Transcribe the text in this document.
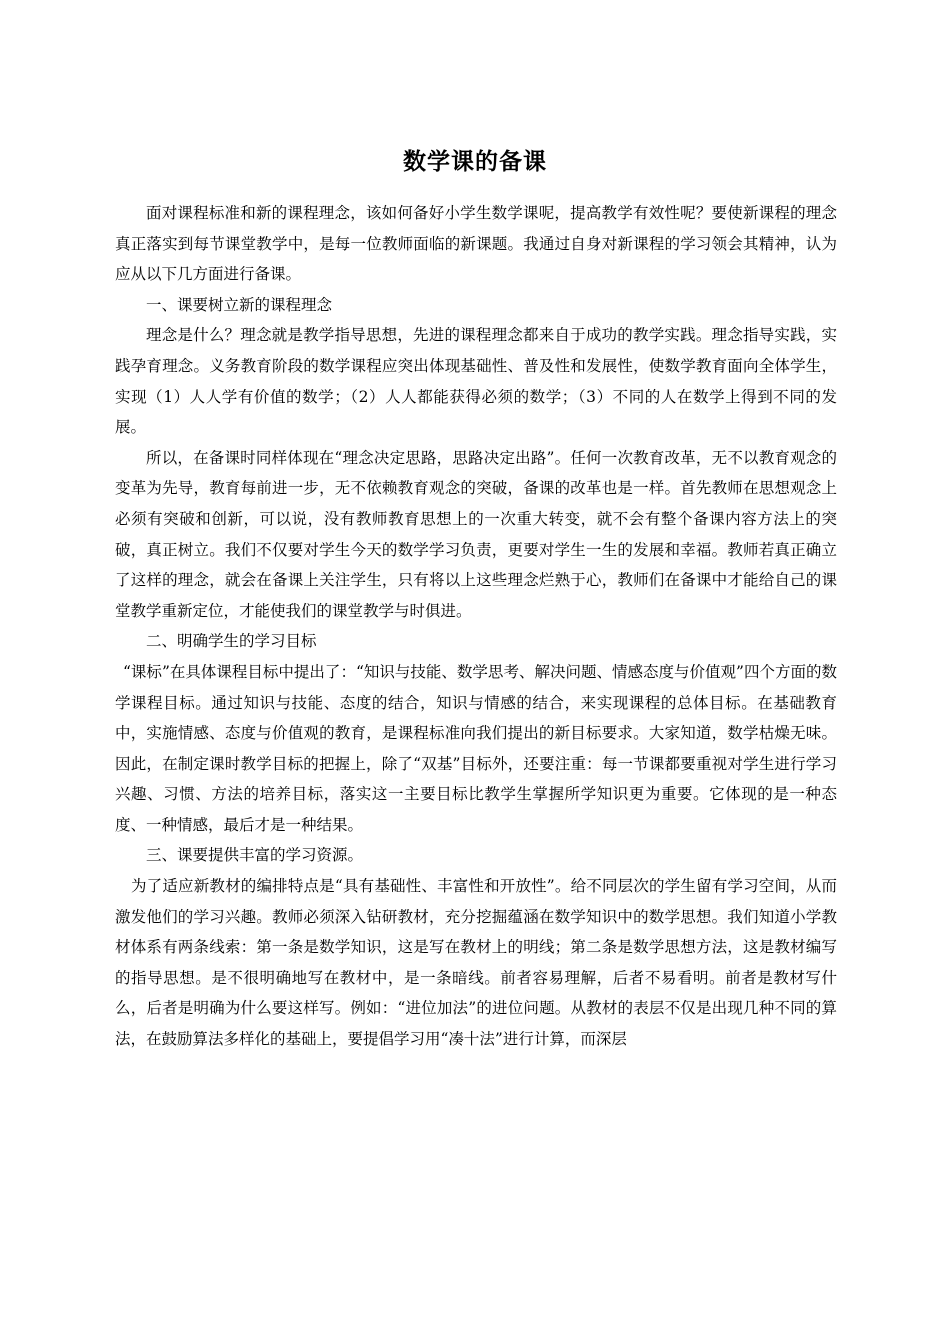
数学课的备课

面对课程标准和新的课程理念，该如何备好小学生数学课呢，提高教学有效性呢？要使新课程的理念真正落实到每节课堂教学中，是每一位教师面临的新课题。我通过自身对新课程的学习领会其精神，认为应从以下几方面进行备课。

一、课要树立新的课程理念

理念是什么？理念就是教学指导思想，先进的课程理念都来自于成功的教学实践。理念指导实践，实践孕育理念。义务教育阶段的数学课程应突出体现基础性、普及性和发展性，使数学教育面向全体学生，实现（1）人人学有价值的数学；（2）人人都能获得必须的数学；（3）不同的人在数学上得到不同的发展。

所以，在备课时同样体现在“理念决定思路，思路决定出路”。任何一次教育改革，无不以教育观念的变革为先导，教育每前进一步，无不依赖教育观念的突破，备课的改革也是一样。首先教师在思想观念上必须有突破和创新，可以说，没有教师教育思想上的一次重大转变，就不会有整个备课内容方法上的突破，真正树立。我们不仅要对学生今天的数学学习负责，更要对学生一生的发展和幸福。教师若真正确立了这样的理念，就会在备课上关注学生，只有将以上这些理念烂熟于心，教师们在备课中才能给自己的课堂教学重新定位，才能使我们的课堂教学与时俱进。

二、明确学生的学习目标

“课标”在具体课程目标中提出了：“知识与技能、数学思考、解决问题、情感态度与价值观”四个方面的数学课程目标。通过知识与技能、态度的结合，知识与情感的结合，来实现课程的总体目标。在基础教育中，实施情感、态度与价值观的教育，是课程标准向我们提出的新目标要求。大家知道，数学枯燥无味。因此，在制定课时教学目标的把握上，除了“双基”目标外，还要注重：每一节课都要重视对学生进行学习兴趣、习惯、方法的培养目标，落实这一主要目标比教学生掌握所学知识更为重要。它体现的是一种态度、一种情感，最后才是一种结果。

三、课要提供丰富的学习资源。

为了适应新教材的编排特点是“具有基础性、丰富性和开放性”。给不同层次的学生留有学习空间，从而激发他们的学习兴趣。教师必须深入钻研教材，充分挖掘蕴涵在数学知识中的数学思想。我们知道小学教材体系有两条线索：第一条是数学知识，这是写在教材上的明线；第二条是数学思想方法，这是教材编写的指导思想。是不很明确地写在教材中，是一条暗线。前者容易理解，后者不易看明。前者是教材写什么，后者是明确为什么要这样写。例如：“进位加法”的进位问题。从教材的表层不仅是出现几种不同的算法，在鼓励算法多样化的基础上，要提倡学习用“凑十法”进行计算，而深层
